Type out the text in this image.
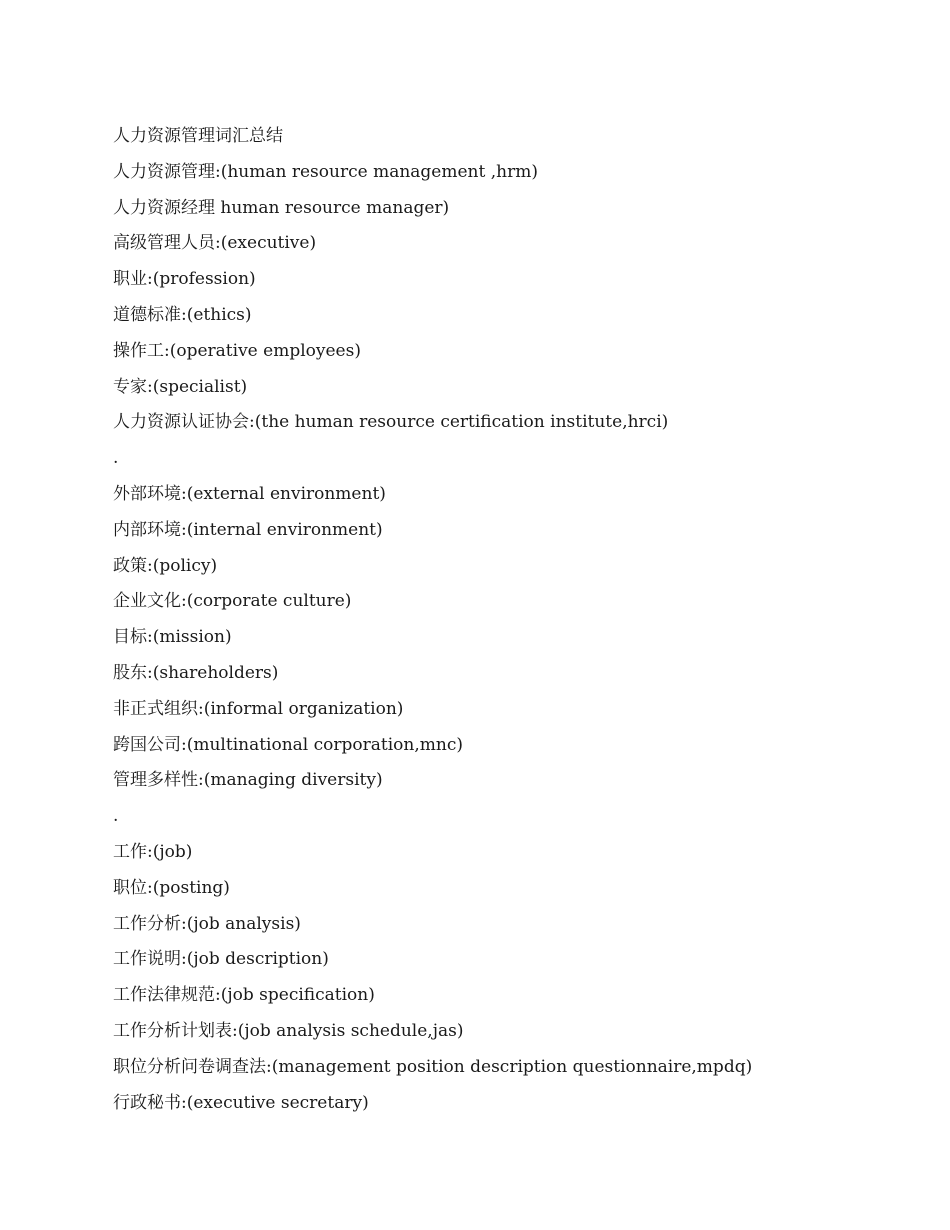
人力资源管理词汇总结
人力资源管理:(human resource management ,hrm)
人力资源经理 human resource manager)
高级管理人员:(executive)
职业:(profession)
道德标准:(ethics)
操作工:(operative employees)
专家:(specialist)
人力资源认证协会:(the human resource certification institute,hrci)
.
外部环境:(external environment)
内部环境:(internal environment)
政策:(policy)
企业文化:(corporate culture)
目标:(mission)
股东:(shareholders)
非正式组织:(informal organization)
跨国公司:(multinational corporation,mnc)
管理多样性:(managing diversity)
.
工作:(job)
职位:(posting)
工作分析:(job analysis)
工作说明:(job description)
工作法律规范:(job specification)
工作分析计划表:(job analysis schedule,jas)
职位分析问卷调查法:(management position description questionnaire,mpdq)
行政秘书:(executive secretary)
